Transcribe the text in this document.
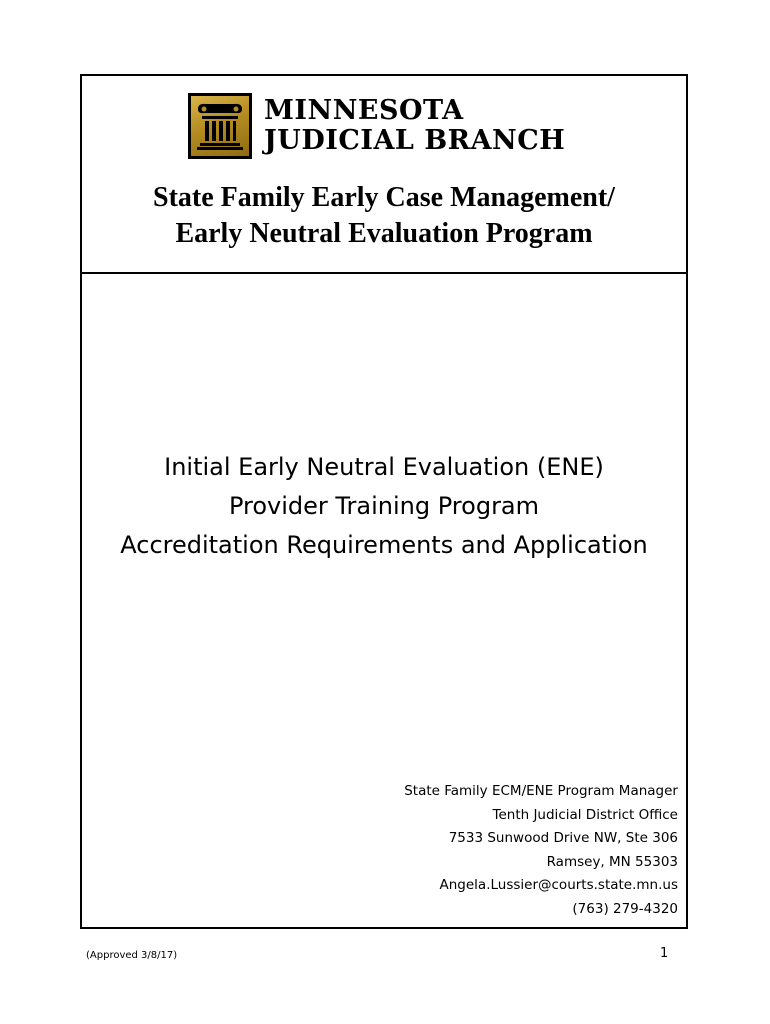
MINNESOTA
JUDICIAL BRANCH
State Family Early Case Management/
Early Neutral Evaluation Program
Initial Early Neutral Evaluation (ENE)
Provider Training Program
Accreditation Requirements and Application
State Family ECM/ENE Program Manager
Tenth Judicial District Office
7533 Sunwood Drive NW, Ste 306
Ramsey, MN 55303
Angela.Lussier@courts.state.mn.us
(763) 279-4320
(Approved 3/8/17)	1
